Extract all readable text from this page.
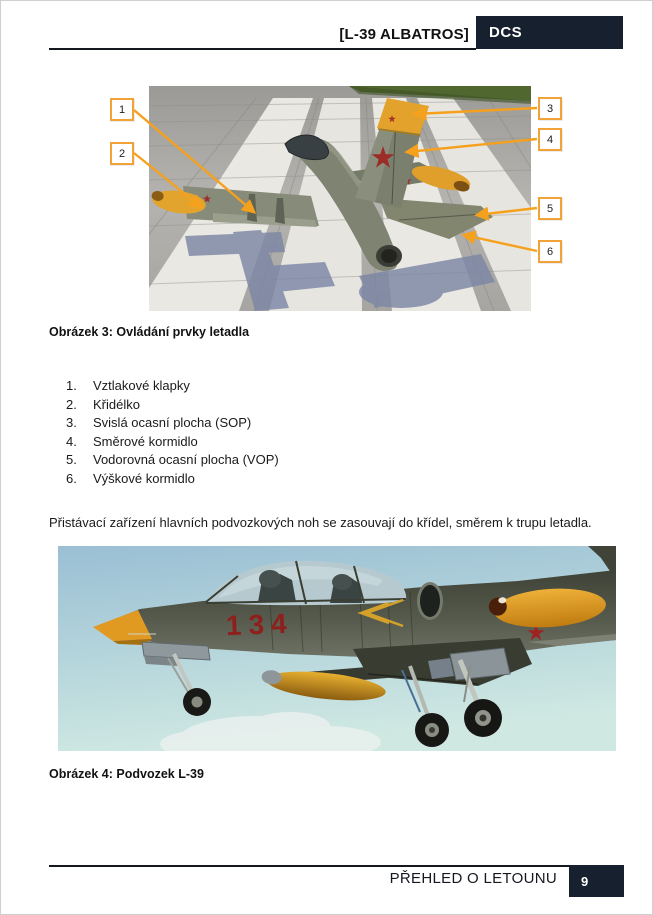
[L-39 ALBATROS]	DCS
1
2
3
4
5
6
Obrázek 3: Ovládání prvky letadla
1.	Vztlakové klapky
2.	Křidélko
3.	Svislá ocasní plocha (SOP)
4.	Směrové kormidlo
5.	Vodorovná ocasní plocha (VOP)
6.	Výškové kormidlo
Přistávací zařízení hlavních podvozkových noh se zasouvají do křídel, směrem k trupu letadla.
134
Obrázek 4: Podvozek L-39
PŘEHLED O LETOUNU	9
